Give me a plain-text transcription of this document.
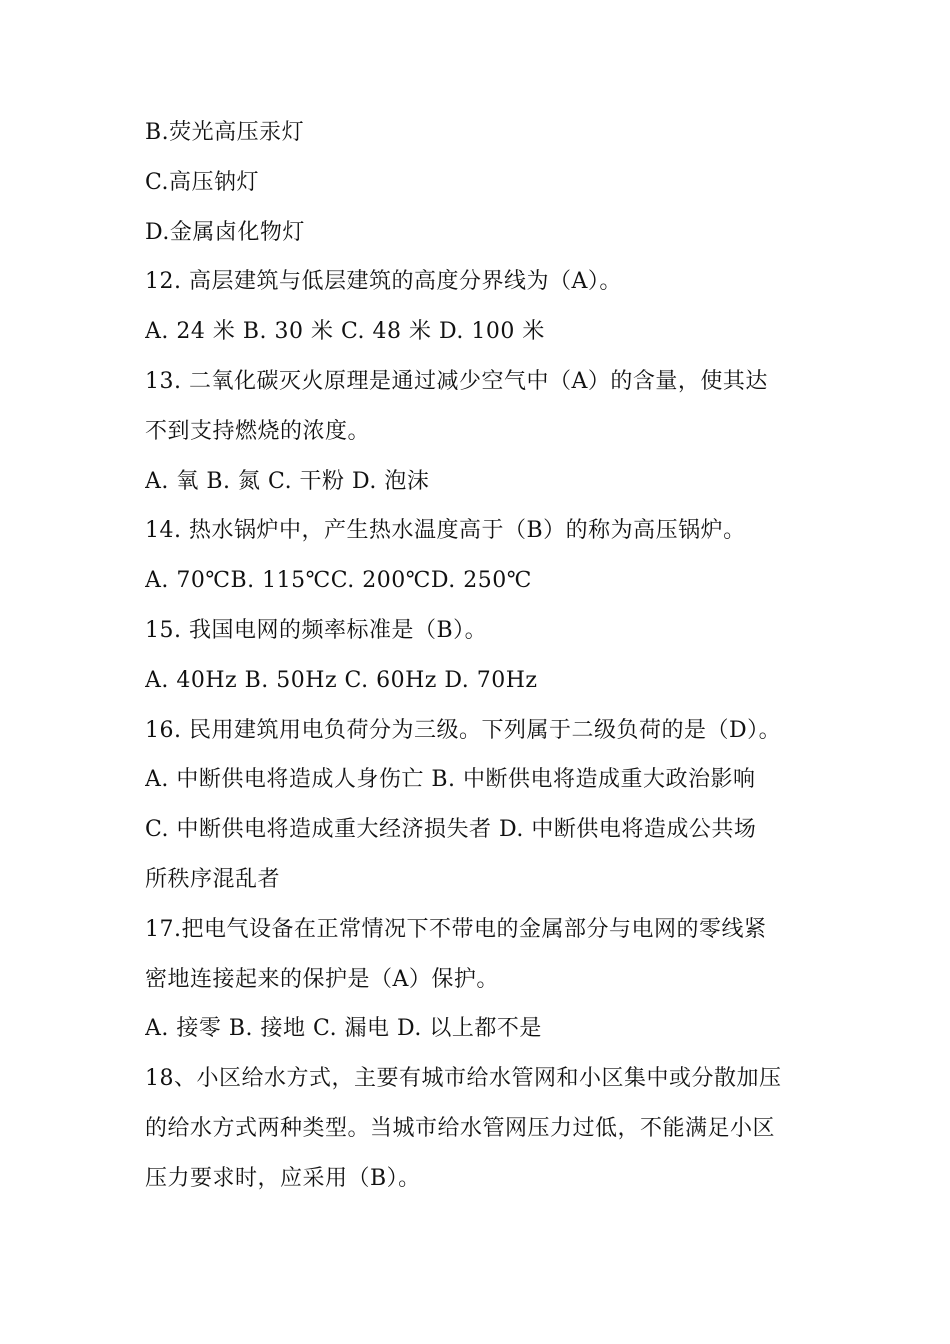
B.荧光高压汞灯
C.高压钠灯
D.金属卤化物灯
12. 高层建筑与低层建筑的高度分界线为（A）。
A. 24 米 B. 30 米 C. 48 米 D. 100 米
13. 二氧化碳灭火原理是通过减少空气中（A）的含量，使其达
不到支持燃烧的浓度。
A. 氧 B. 氮 C. 干粉 D. 泡沫
14. 热水锅炉中，产生热水温度高于（B）的称为高压锅炉。
A. 70℃B. 115℃C. 200℃D. 250℃
15. 我国电网的频率标准是（B）。
A. 40Hz B. 50Hz C. 60Hz D. 70Hz
16. 民用建筑用电负荷分为三级。下列属于二级负荷的是（D）。
A. 中断供电将造成人身伤亡 B. 中断供电将造成重大政治影响
C. 中断供电将造成重大经济损失者 D. 中断供电将造成公共场
所秩序混乱者
17.把电气设备在正常情况下不带电的金属部分与电网的零线紧
密地连接起来的保护是（A）保护。
A. 接零 B. 接地 C. 漏电 D. 以上都不是
18、小区给水方式，主要有城市给水管网和小区集中或分散加压
的给水方式两种类型。当城市给水管网压力过低，不能满足小区
压力要求时，应采用（B）。
